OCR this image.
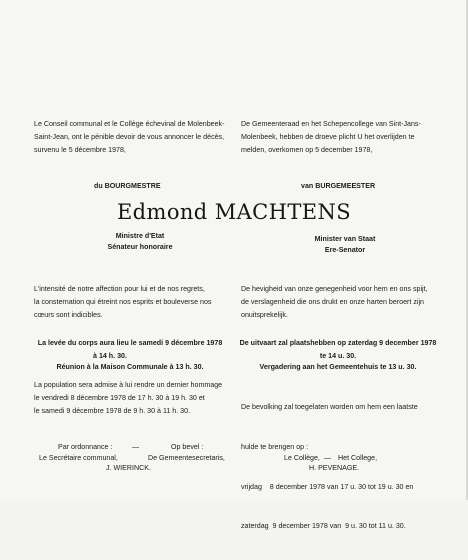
Le Conseil communal et le Collège échevinal de Molenbeek-
Saint-Jean, ont le pénible devoir de vous annoncer le décès,
survenu le 5 décembre 1978,
De Gemeenteraad en het Schepencollege van Sint-Jans-
Molenbeek, hebben de droeve plicht U het overlijden te
melden, overkomen op 5 december 1978,
du BOURGMESTRE	van BURGEMEESTER
Edmond MACHTENS
Ministre d'Etat
Sénateur honoraire
Minister van Staat
Ere-Senator
L'intensité de notre affection pour lui et de nos regrets,
la consternation qui étreint nos esprits et bouleverse nos
cœurs sont indicibles.
De hevigheid van onze genegenheid voor hem en ons spijt,
de verslagenheid die ons drukt en onze harten beroert zijn
onuitsprekelijk.
La levée du corps aura lieu le samedi 9 décembre 1978
à 14 h. 30.
De uitvaart zal plaatshebben op zaterdag 9 december 1978
te 14 u. 30.
Réunion à la Maison Communale à 13 h. 30.	Vergadering aan het Gemeentehuis te 13 u. 30.
La population sera admise à lui rendre un dernier hommage
le vendredi 8 décembre 1978 de 17 h. 30 à 19 h. 30 et
le samedi 9 décembre 1978 de 9 h. 30 à 11 h. 30.

	De bevolking zal toegelaten worden om hem een laatste

hulde te brengen op :

vrijdag    8 december 1978 van 17 u. 30 tot 19 u. 30 en

zaterdag  9 december 1978 van  9 u. 30 tot 11 u. 30.

Par ordonnance :	—	Op bevel :
Le Secrétaire communal,	De Gemeentesecretaris,
J. WIERINCK.
Le Collège, — Het College,
H. PEVENAGE.
